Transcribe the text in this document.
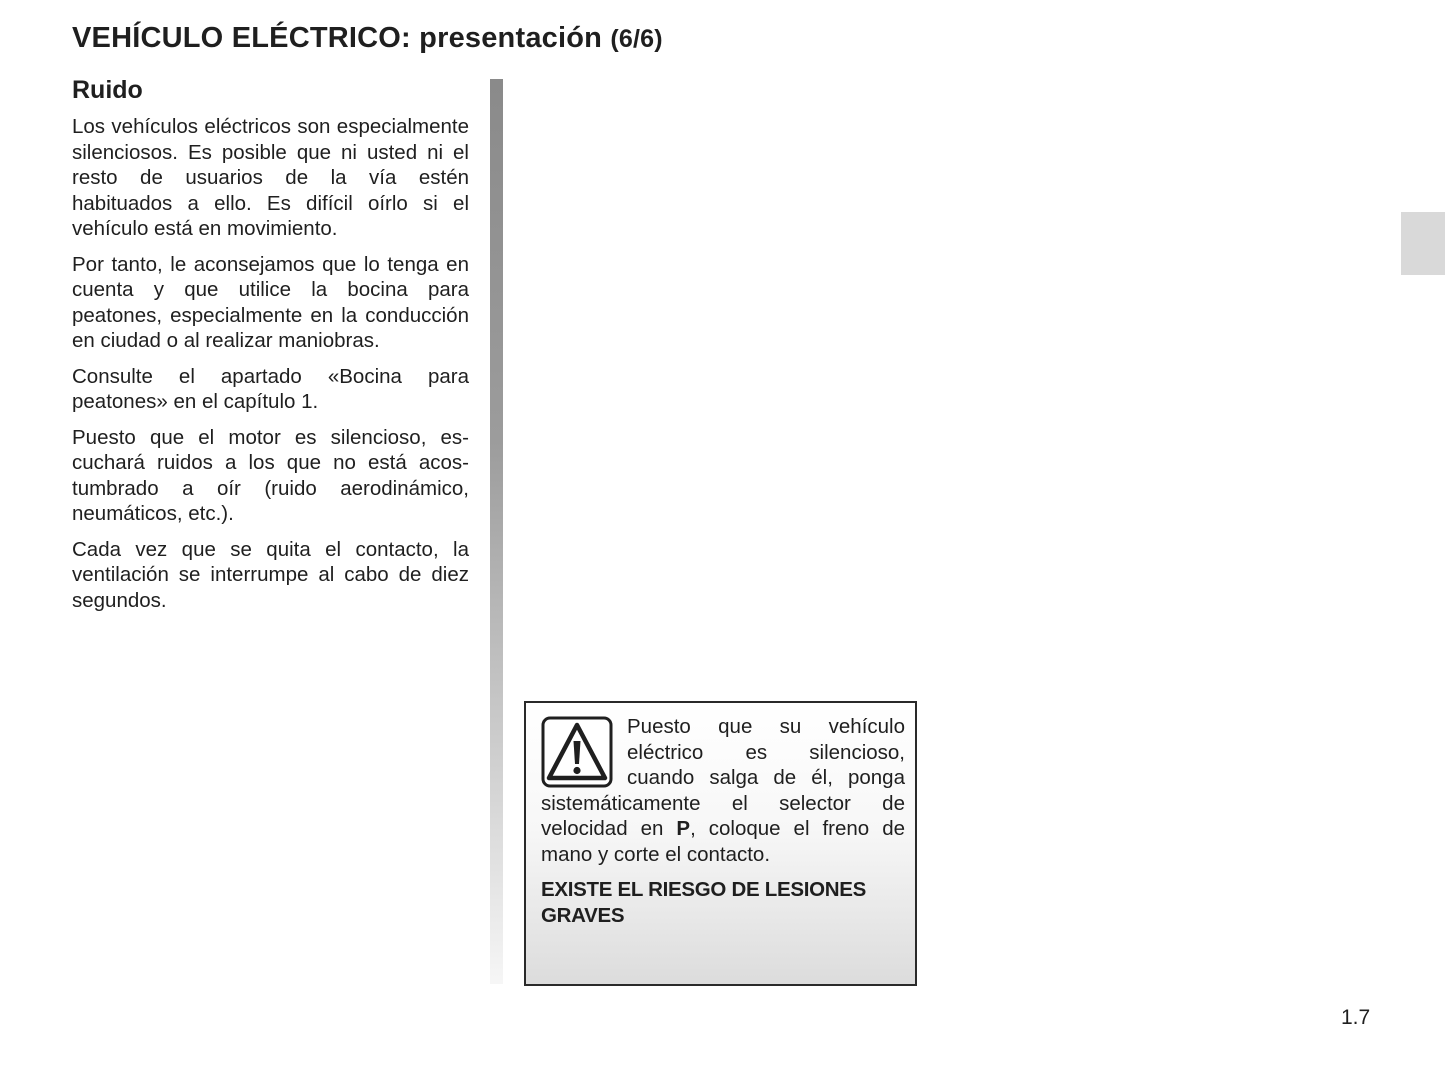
VEHÍCULO ELÉCTRICO: presentación (6/6)
Ruido

Los vehículos eléctricos son especialmente silenciosos. Es posible que ni usted ni el resto de usuarios de la vía estén habituados a ello. Es difícil oírlo si el vehículo está en movimiento.

Por tanto, le aconsejamos que lo tenga en cuenta y que utilice la bocina para peatones, especialmente en la conducción en ciudad o al realizar maniobras.

Consulte el apartado «Bocina para peatones» en el capítulo 1.

Puesto que el motor es silencioso, escuchará ruidos a los que no está acostumbrado a oír (ruido aerodinámico, neumáticos, etc.).

Cada vez que se quita el contacto, la ventilación se interrumpe al cabo de diez segundos.

Puesto que su vehículo eléctrico es silencioso, cuando salga de él, ponga sistemáticamente el selector de velocidad en P, coloque el freno de mano y corte el contacto.

EXISTE EL RIESGO DE LESIONES GRAVES

1.7
